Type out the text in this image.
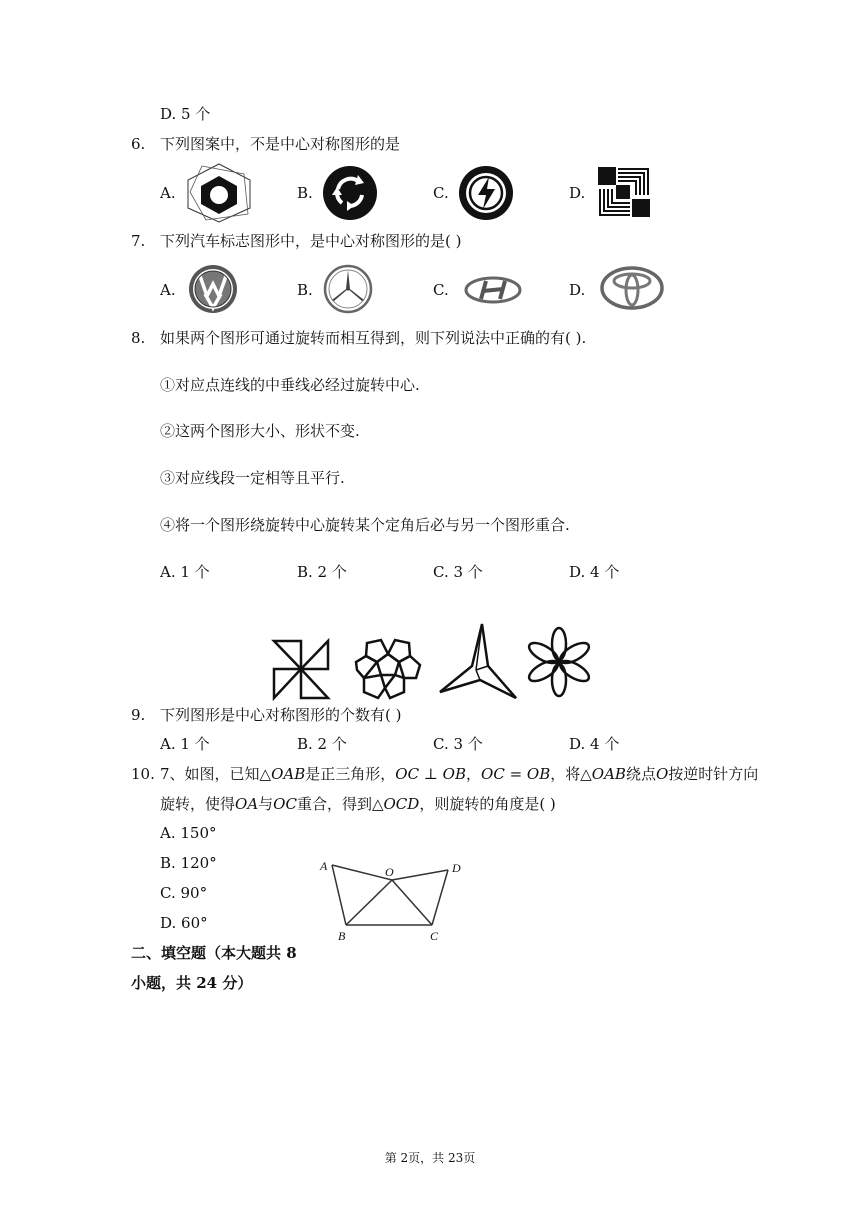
D. 5 个
6. 下列图案中，不是中心对称图形的是
A.	B.	C.	D.
7. 下列汽车标志图形中，是中心对称图形的是( )
A.	B.	C.	D.
8. 如果两个图形可通过旋转而相互得到，则下列说法中正确的有( ).
①对应点连线的中垂线必经过旋转中心.
②这两个图形大小、形状不变.
③对应线段一定相等且平行.
④将一个图形绕旋转中心旋转某个定角后必与另一个图形重合.
A. 1 个	B. 2 个	C. 3 个	D. 4 个
9. 下列图形是中心对称图形的个数有( )
A. 1 个	B. 2 个	C. 3 个	D. 4 个
10. 7、如图，已知△OAB是正三角形，OC ⊥ OB，OC = OB，将△OAB绕点O按逆时针方向
旋转，使得OA与OC重合，得到△OCD，则旋转的角度是( )
A. 150°
B. 120°
C. 90°
D. 60°
A	O	D
B	C
二、填空题（本大题共 8
小题，共 24 分）
第 2页，共 23页
